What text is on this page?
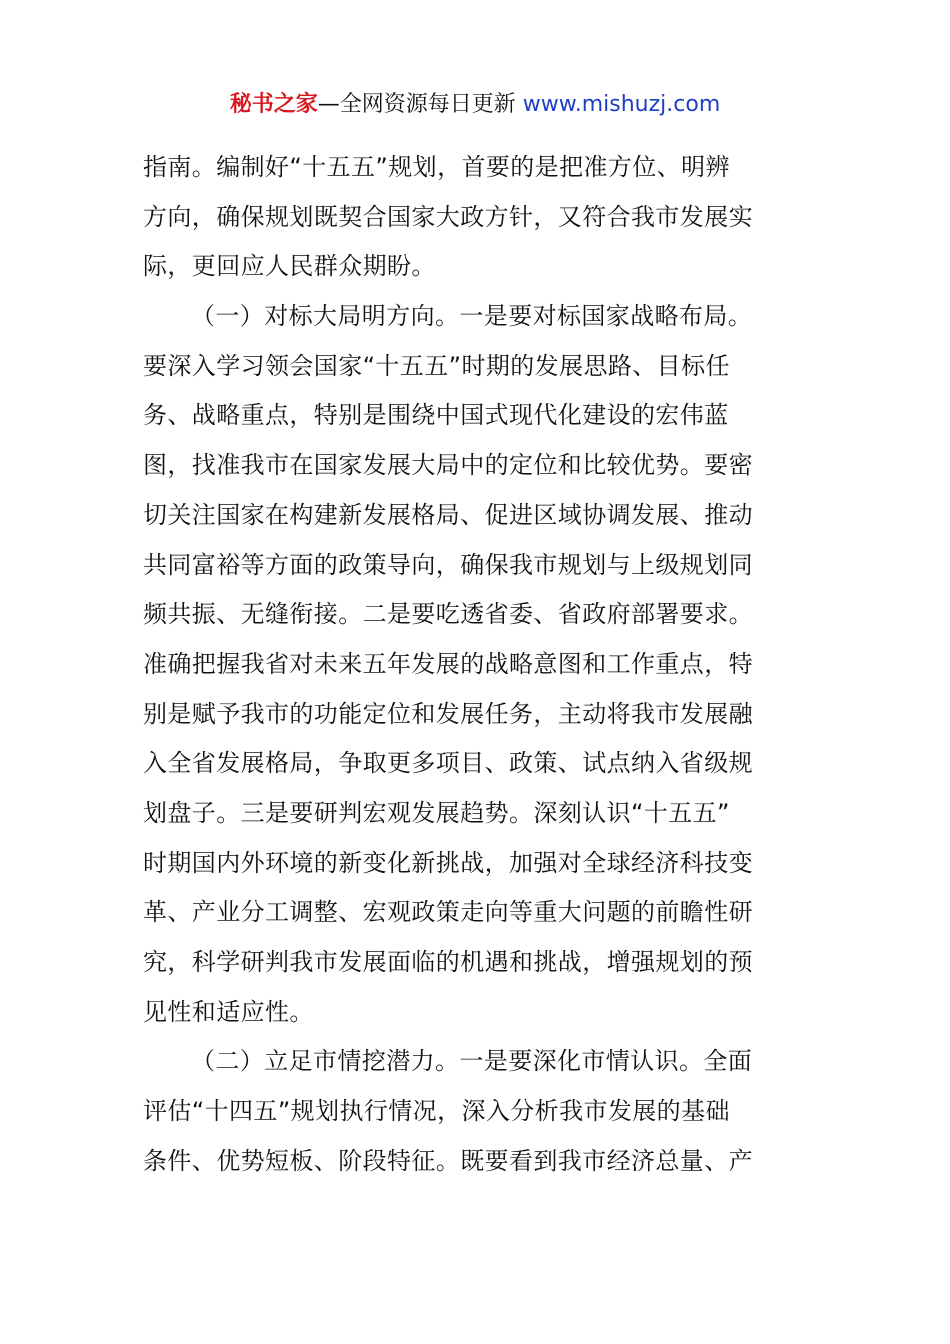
秘书之家—全网资源每日更新 www.mishuzj.com
指南。编制好“十五五”规划，首要的是把准方位、明辨
方向，确保规划既契合国家大政方针，又符合我市发展实
际，更回应人民群众期盼。
（一）对标大局明方向。一是要对标国家战略布局。
要深入学习领会国家“十五五”时期的发展思路、目标任
务、战略重点，特别是围绕中国式现代化建设的宏伟蓝
图，找准我市在国家发展大局中的定位和比较优势。要密
切关注国家在构建新发展格局、促进区域协调发展、推动
共同富裕等方面的政策导向，确保我市规划与上级规划同
频共振、无缝衔接。二是要吃透省委、省政府部署要求。
准确把握我省对未来五年发展的战略意图和工作重点，特
别是赋予我市的功能定位和发展任务，主动将我市发展融
入全省发展格局，争取更多项目、政策、试点纳入省级规
划盘子。三是要研判宏观发展趋势。深刻认识“十五五”
时期国内外环境的新变化新挑战，加强对全球经济科技变
革、产业分工调整、宏观政策走向等重大问题的前瞻性研
究，科学研判我市发展面临的机遇和挑战，增强规划的预
见性和适应性。
（二）立足市情挖潜力。一是要深化市情认识。全面
评估“十四五”规划执行情况，深入分析我市发展的基础
条件、优势短板、阶段特征。既要看到我市经济总量、产
